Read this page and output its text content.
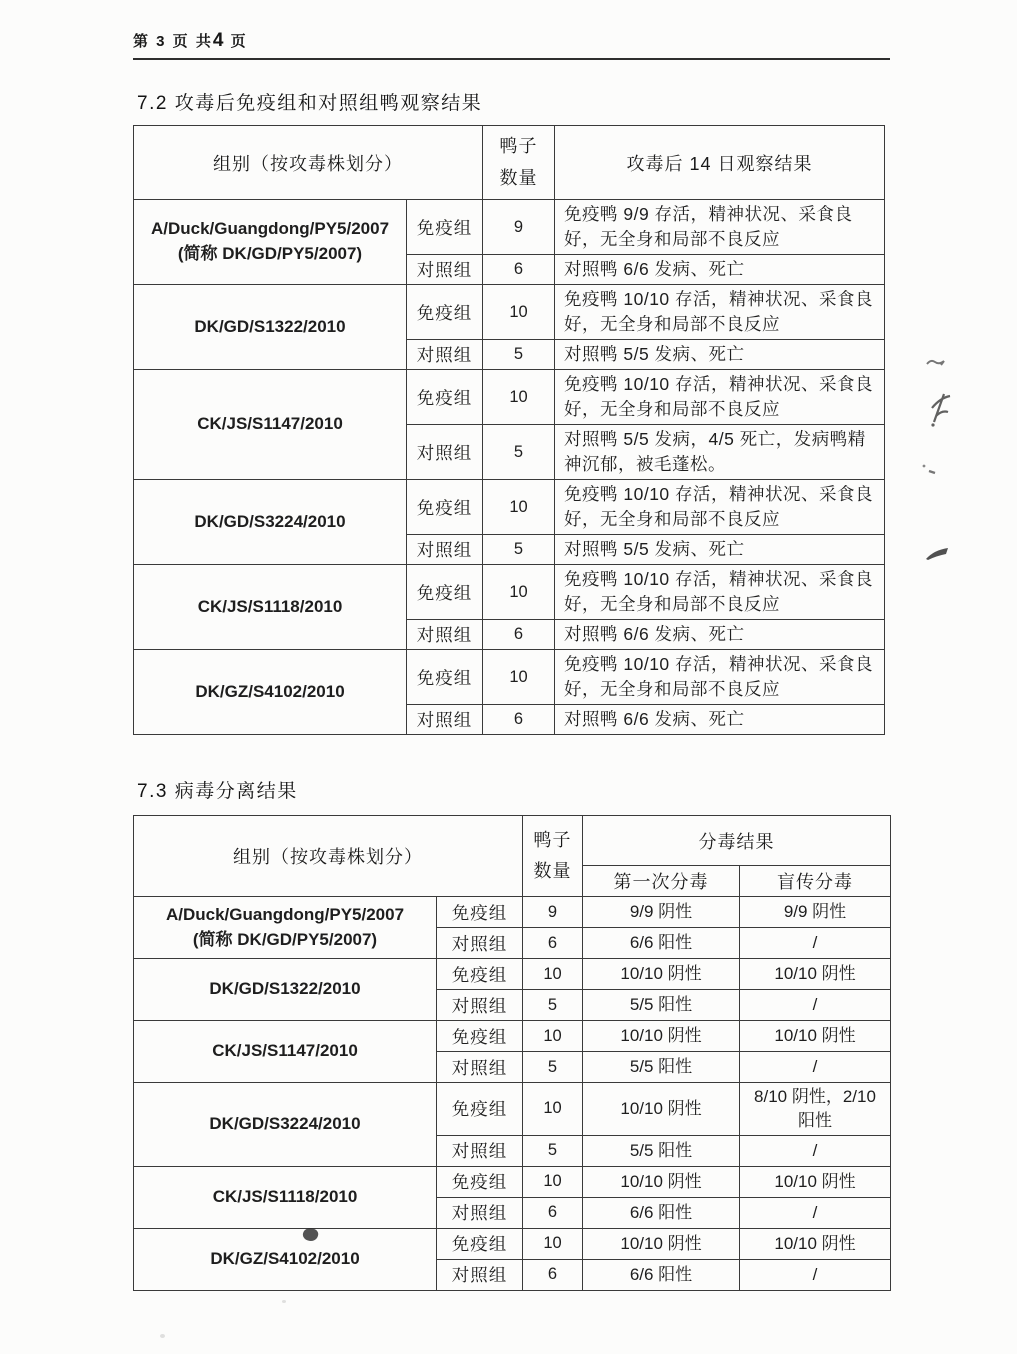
第 3 页 共4 页
7.2 攻毒后免疫组和对照组鸭观察结果
组别（按攻毒株划分）		鸭子
数量	攻毒后 14 日观察结果

A/Duck/Guangdong/PY5/2007
(简称 DK/GD/PY5/2007)	免疫组	9	免疫鸭 9/9 存活，精神状况、采食良好，无全身和局部不良反应
	对照组	6	对照鸭 6/6 发病、死亡

DK/GD/S1322/2010	免疫组	10	免疫鸭 10/10 存活，精神状况、采食良好，无全身和局部不良反应
	对照组	5	对照鸭 5/5 发病、死亡

CK/JS/S1147/2010	免疫组	10	免疫鸭 10/10 存活，精神状况、采食良好，无全身和局部不良反应
	对照组	5	对照鸭 5/5 发病，4/5 死亡，发病鸭精神沉郁，被毛蓬松。

DK/GD/S3224/2010	免疫组	10	免疫鸭 10/10 存活，精神状况、采食良好，无全身和局部不良反应
	对照组	5	对照鸭 5/5 发病、死亡

CK/JS/S1118/2010	免疫组	10	免疫鸭 10/10 存活，精神状况、采食良好，无全身和局部不良反应
	对照组	6	对照鸭 6/6 发病、死亡

DK/GZ/S4102/2010	免疫组	10	免疫鸭 10/10 存活，精神状况、采食良好，无全身和局部不良反应
	对照组	6	对照鸭 6/6 发病、死亡
7.3 病毒分离结果
组别（按攻毒株划分）		鸭子
数量	分毒结果	
			第一次分毒	盲传分毒

A/Duck/Guangdong/PY5/2007
(简称 DK/GD/PY5/2007)	免疫组	9	9/9 阴性	9/9 阴性
	对照组	6	6/6 阳性	/

DK/GD/S1322/2010	免疫组	10	10/10 阴性	10/10 阴性
	对照组	5	5/5 阳性	/

CK/JS/S1147/2010	免疫组	10	10/10 阴性	10/10 阴性
	对照组	5	5/5 阳性	/

DK/GD/S3224/2010	免疫组	10	10/10 阴性	8/10 阴性，2/10 阳性
	对照组	5	5/5 阳性	/

CK/JS/S1118/2010	免疫组	10	10/10 阴性	10/10 阴性
	对照组	6	6/6 阳性	/

DK/GZ/S4102/2010	免疫组	10	10/10 阴性	10/10 阴性
	对照组	6	6/6 阳性	/
